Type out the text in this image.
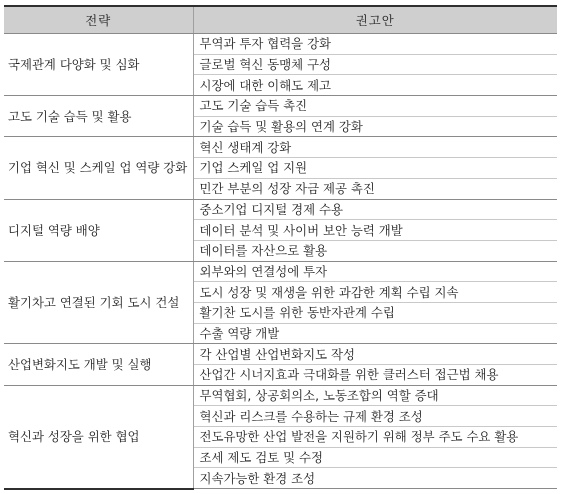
전략	권고안
국제관계 다양화 및 심화	무역과 투자 협력을 강화
	글로벌 혁신 동맹체 구성
	시장에 대한 이해도 제고
고도 기술 습득 및 활용	고도 기술 습득 촉진
	기술 습득 및 활용의 연계 강화
기업 혁신 및 스케일 업 역량 강화	혁신 생태계 강화
	기업 스케일 업 지원
	민간 부분의 성장 자금 제공 촉진
디지털 역량 배양	중소기업 디지털 경제 수용
	데이터 분석 및 사이버 보안 능력 개발
	데이터를 자산으로 활용
활기차고 연결된 기회 도시 건설	외부와의 연결성에 투자
	도시 성장 및 재생을 위한 과감한 계획 수립 지속
	활기찬 도시를 위한 동반자관계 수립
	수출 역량 개발
산업변화지도 개발 및 실행	각 산업별 산업변화지도 작성
	산업간 시너지효과 극대화를 위한 클러스터 접근법 채용
혁신과 성장을 위한 협업	무역협회, 상공회의소, 노동조합의 역할 증대
	혁신과 리스크를 수용하는 규제 환경 조성
	전도유망한 산업 발전을 지원하기 위해 정부 주도 수요 활용
	조세 제도 검토 및 수정
	지속가능한 환경 조성
